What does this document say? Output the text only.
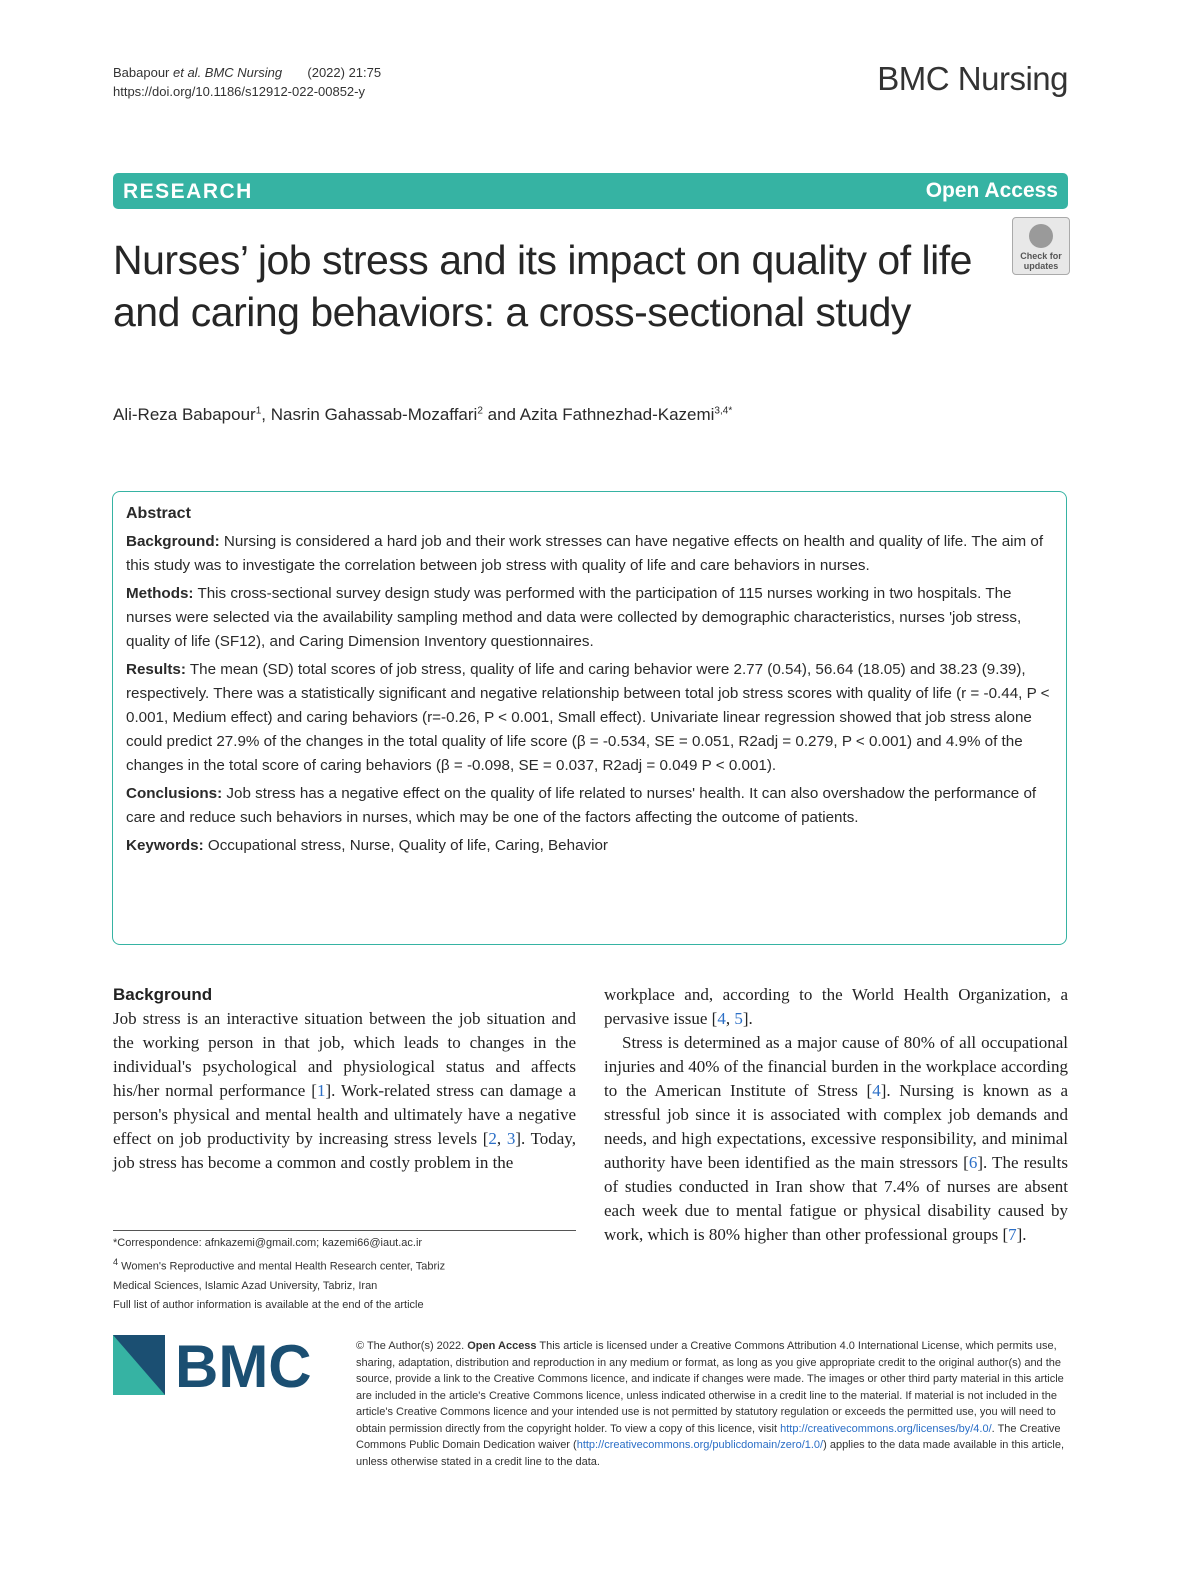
Babapour et al. BMC Nursing (2022) 21:75
https://doi.org/10.1186/s12912-022-00852-y	BMC Nursing
RESEARCH	Open Access
Nurses’ job stress and its impact on quality of life and caring behaviors: a cross-sectional study
Check for
updates
Ali-Reza Babapour$^1$, Nasrin Gahassab-Mozaffari$^2$ and Azita Fathnezhad-Kazemi$^{3,4*}$
Abstract

Background: Nursing is considered a hard job and their work stresses can have negative effects on health and quality of life. The aim of this study was to investigate the correlation between job stress with quality of life and care behaviors in nurses.

Methods: This cross-sectional survey design study was performed with the participation of 115 nurses working in two hospitals. The nurses were selected via the availability sampling method and data were collected by demographic characteristics, nurses 'job stress, quality of life (SF12), and Caring Dimension Inventory questionnaires.

Results: The mean (SD) total scores of job stress, quality of life and caring behavior were 2.77 (0.54), 56.64 (18.05) and 38.23 (9.39), respectively. There was a statistically significant and negative relationship between total job stress scores with quality of life (r = -0.44, P < 0.001, Medium effect) and caring behaviors (r=-0.26, P < 0.001, Small effect). Univariate linear regression showed that job stress alone could predict 27.9% of the changes in the total quality of life score (β = -0.534, SE = 0.051, R2adj = 0.279, P < 0.001) and 4.9% of the changes in the total score of caring behaviors (β = -0.098, SE = 0.037, R2adj = 0.049 P < 0.001).

Conclusions: Job stress has a negative effect on the quality of life related to nurses' health. It can also overshadow the performance of care and reduce such behaviors in nurses, which may be one of the factors affecting the outcome of patients.

Keywords: Occupational stress, Nurse, Quality of life, Caring, Behavior

Background

Job stress is an interactive situation between the job situation and the working person in that job, which leads to changes in the individual's psychological and physiological status and affects his/her normal performance [1]. Work-related stress can damage a person's physical and mental health and ultimately have a negative effect on job productivity by increasing stress levels [2, 3]. Today, job stress has become a common and costly problem in the

workplace and, according to the World Health Organization, a pervasive issue [4, 5].

Stress is determined as a major cause of 80% of all occupational injuries and 40% of the financial burden in the workplace according to the American Institute of Stress [4]. Nursing is known as a stressful job since it is associated with complex job demands and needs, and high expectations, excessive responsibility, and minimal authority have been identified as the main stressors [6]. The results of studies conducted in Iran show that 7.4% of nurses are absent each week due to mental fatigue or physical disability caused by work, which is 80% higher than other professional groups [7].

*Correspondence: afnkazemi@gmail.com; kazemi66@iaut.ac.ir
$^4$ Women's Reproductive and mental Health Research center, Tabriz
Medical Sciences, Islamic Azad University, Tabriz, Iran
Full list of author information is available at the end of the article
BMC	© The Author(s) 2022. Open Access This article is licensed under a Creative Commons Attribution 4.0 International License, which permits use, sharing, adaptation, distribution and reproduction in any medium or format, as long as you give appropriate credit to the original author(s) and the source, provide a link to the Creative Commons licence, and indicate if changes were made. The images or other third party material in this article are included in the article's Creative Commons licence, unless indicated otherwise in a credit line to the material. If material is not included in the article's Creative Commons licence and your intended use is not permitted by statutory regulation or exceeds the permitted use, you will need to obtain permission directly from the copyright holder. To view a copy of this licence, visit http://creativecommons.org/licenses/by/4.0/. The Creative Commons Public Domain Dedication waiver (http://creativecommons.org/publicdomain/zero/1.0/) applies to the data made available in this article, unless otherwise stated in a credit line to the data.
